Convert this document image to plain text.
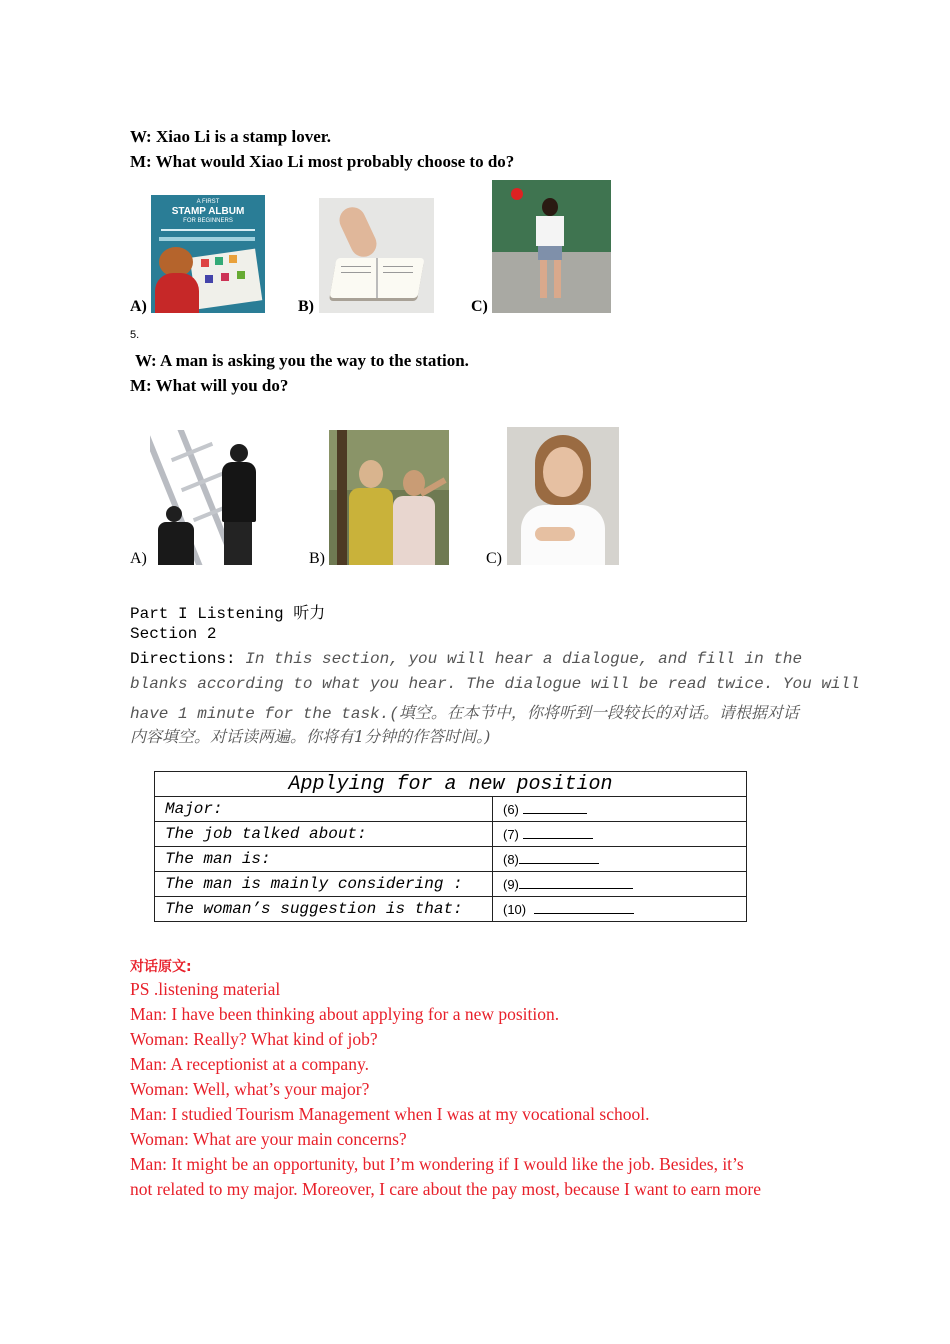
W: Xiao Li is a stamp lover.
M: What would Xiao Li most probably choose to do?
A)
A FIRST
STAMP ALBUM
FOR BEGINNERS
B)	C)
5.
W: A man is asking you the way to the station.
M: What will you do?
A)	B)	C)
Part I Listening 听力
Section 2
Directions: In this section, you will hear a dialogue, and fill in the
blanks according to what you hear. The dialogue will be read twice. You will
have 1 minute for the task.(填空。在本节中，你将听到一段较长的对话。请根据对话
内容填空。对话读两遍。你将有1分钟的作答时间。)
Applying for a new position	
Major:	(6)
The job talked about:	(7)
The man is:	(8)
The man is mainly considering :	(9)
The woman’s suggestion is that:	(10)
对话原文:
PS .listening material
Man: I have been thinking about applying for a new position.
Woman: Really? What kind of job?
Man: A receptionist at a company.
Woman: Well, what’s your major?
Man: I studied Tourism Management when I was at my vocational school.
Woman: What are your main concerns?
Man: It might be an opportunity, but I’m wondering if I would like the job. Besides, it’s
not related to my major. Moreover, I care about the pay most, because I want to earn more
